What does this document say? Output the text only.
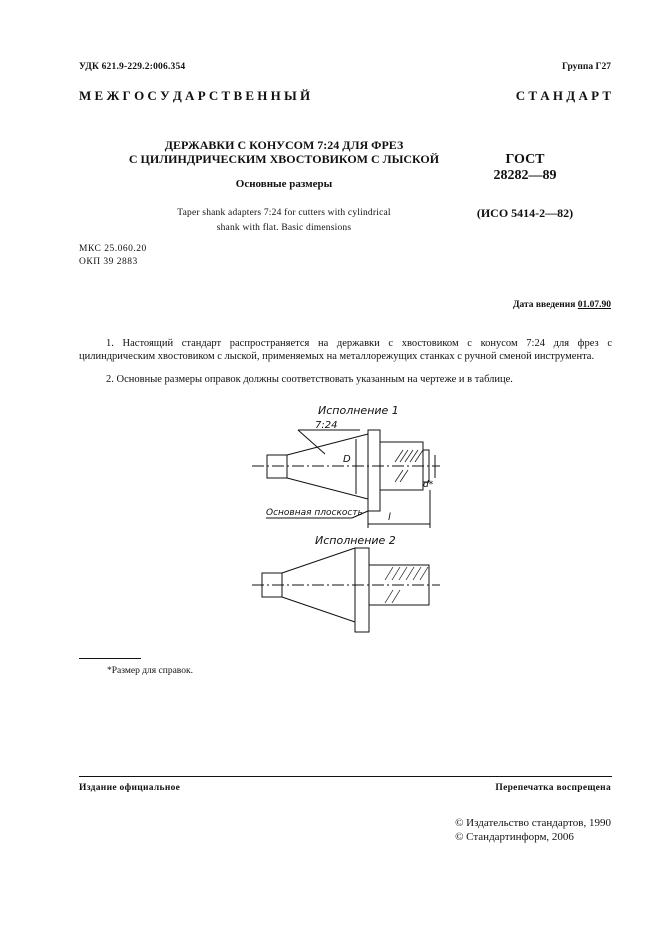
УДК 621.9-229.2:006.354	Группа Г27
М Е Ж Г О С У Д А Р С Т В Е Н Н Ы Й	С Т А Н Д А Р Т
ДЕРЖАВКИ С КОНУСОМ 7:24 ДЛЯ ФРЕЗ
С ЦИЛИНДРИЧЕСКИМ ХВОСТОВИКОМ С ЛЫСКОЙ
Основные размеры
Taper shank adapters 7:24 for cutters with cylindrical
shank with flat. Basic dimensions
ГОСТ
28282—89
(ИСО 5414-2—82)
МКС 25.060.20
ОКП 39 2883
Дата введения 01.07.90
1. Настоящий стандарт распространяется на державки с хвостовиком с конусом 7:24 для фрез с цилиндрическим хвостовиком с лыской, применяемых на металлорежущих станках с ручной сменой инструмента.
2. Основные размеры оправок должны соответствовать указанным на чертеже и в таблице.
Исполнение 1
7:24
D
d*
l
Основная плоскость
Исполнение 2
*Размер для справок.
Издание официальное	Перепечатка воспрещена
© Издательство стандартов, 1990
© Стандартинформ, 2006
